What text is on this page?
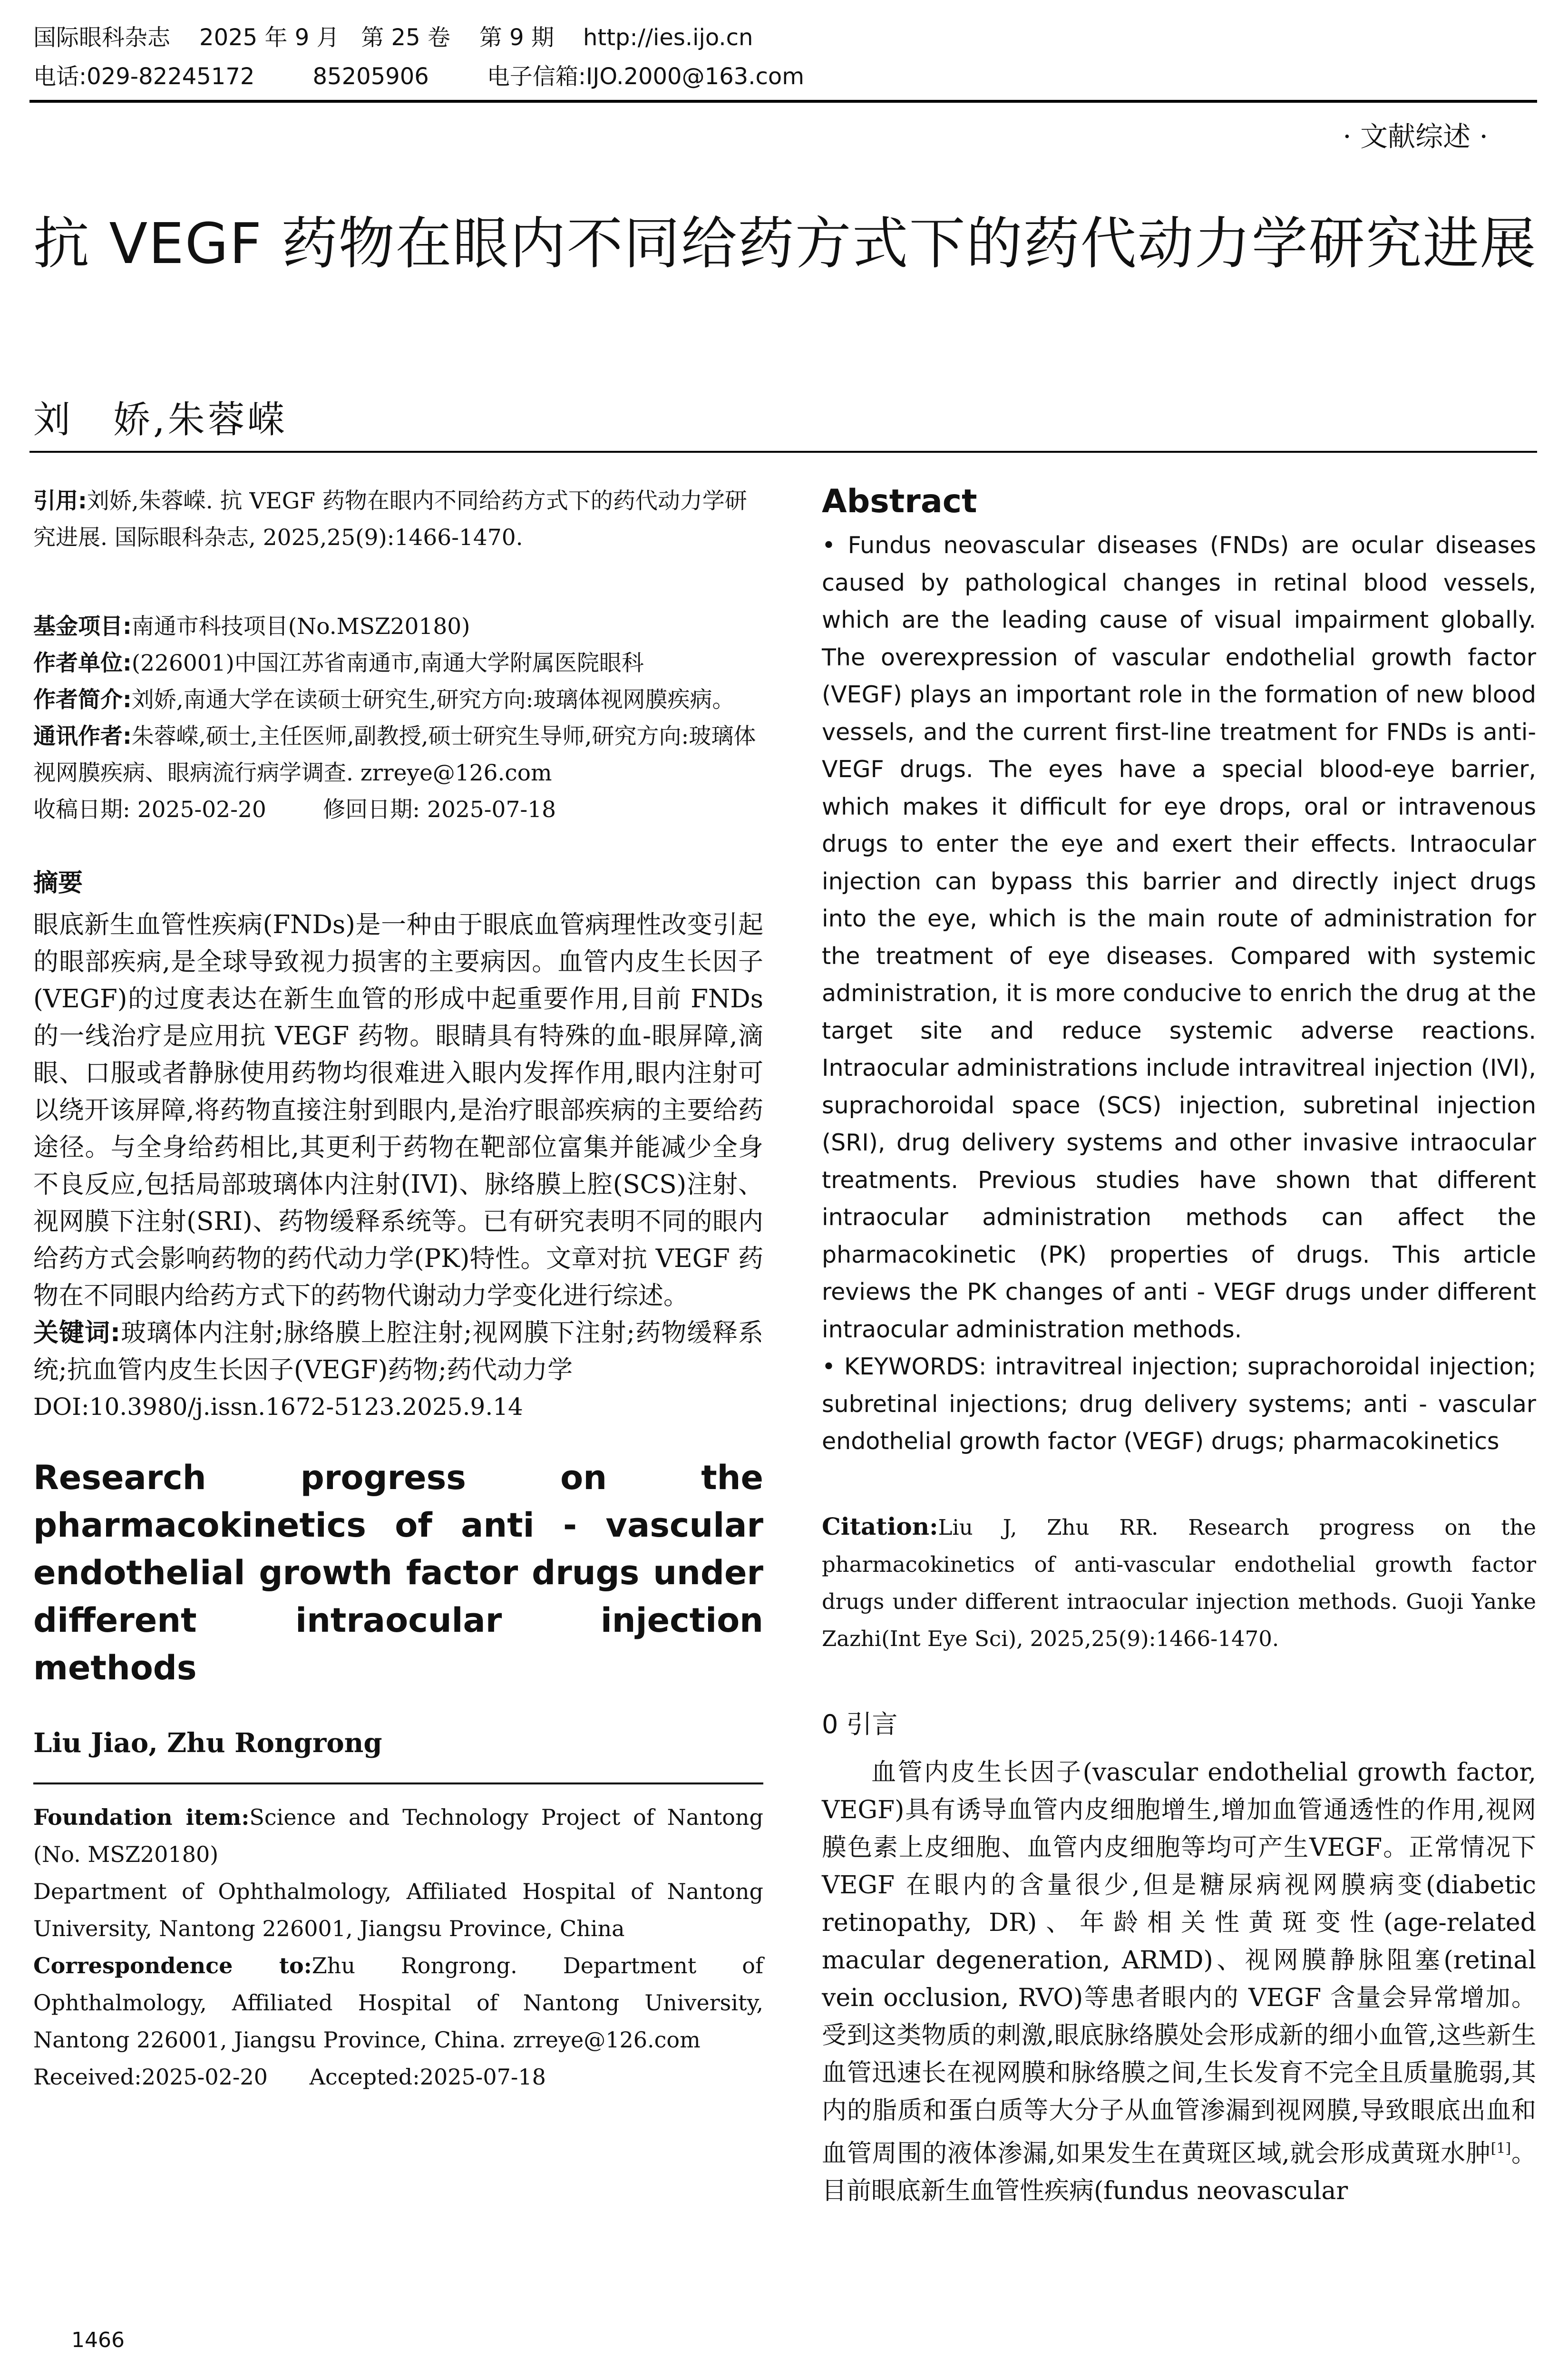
国际眼科杂志    2025 年 9 月   第 25 卷    第 9 期    http://ies.ijo.cn
电话:029-82245172        85205906        电子信箱:IJO.2000@163.com
· 文献综述 ·
抗 VEGF 药物在眼内不同给药方式下的药代动力学研究进展
刘　娇,朱蓉嵘

引用:刘娇,朱蓉嵘. 抗 VEGF 药物在眼内不同给药方式下的药代动力学研究进展. 国际眼科杂志, 2025,25(9):1466-1470.

基金项目:南通市科技项目(No.MSZ20180)

作者单位:(226001)中国江苏省南通市,南通大学附属医院眼科

作者简介:刘娇,南通大学在读硕士研究生,研究方向:玻璃体视网膜疾病。

通讯作者:朱蓉嵘,硕士,主任医师,副教授,硕士研究生导师,研究方向:玻璃体视网膜疾病、眼病流行病学调查. zrreye@126.com

收稿日期: 2025-02-20        修回日期: 2025-07-18

摘要

眼底新生血管性疾病(FNDs)是一种由于眼底血管病理性改变引起的眼部疾病,是全球导致视力损害的主要病因。血管内皮生长因子(VEGF)的过度表达在新生血管的形成中起重要作用,目前 FNDs 的一线治疗是应用抗 VEGF 药物。眼睛具有特殊的血-眼屏障,滴眼、口服或者静脉使用药物均很难进入眼内发挥作用,眼内注射可以绕开该屏障,将药物直接注射到眼内,是治疗眼部疾病的主要给药途径。与全身给药相比,其更利于药物在靶部位富集并能减少全身不良反应,包括局部玻璃体内注射(IVI)、脉络膜上腔(SCS)注射、视网膜下注射(SRI)、药物缓释系统等。已有研究表明不同的眼内给药方式会影响药物的药代动力学(PK)特性。文章对抗 VEGF 药物在不同眼内给药方式下的药物代谢动力学变化进行综述。

关键词:玻璃体内注射;脉络膜上腔注射;视网膜下注射;药物缓释系统;抗血管内皮生长因子(VEGF)药物;药代动力学

DOI:10.3980/j.issn.1672-5123.2025.9.14

Research progress on the pharmacokinetics of anti - vascular endothelial growth factor drugs under different intraocular injection methods
Liu Jiao, Zhu Rongrong

Foundation item:Science and Technology Project of Nantong (No. MSZ20180)

Department of Ophthalmology, Affiliated Hospital of Nantong University, Nantong 226001, Jiangsu Province, China

Correspondence to:Zhu Rongrong. Department of Ophthalmology, Affiliated Hospital of Nantong University, Nantong 226001, Jiangsu Province, China. zrreye@126.com

Received:2025-02-20      Accepted:2025-07-18

Abstract

• Fundus neovascular diseases (FNDs) are ocular diseases caused by pathological changes in retinal blood vessels, which are the leading cause of visual impairment globally. The overexpression of vascular endothelial growth factor (VEGF) plays an important role in the formation of new blood vessels, and the current first-line treatment for FNDs is anti-VEGF drugs. The eyes have a special blood-eye barrier, which makes it difficult for eye drops, oral or intravenous drugs to enter the eye and exert their effects. Intraocular injection can bypass this barrier and directly inject drugs into the eye, which is the main route of administration for the treatment of eye diseases. Compared with systemic administration, it is more conducive to enrich the drug at the target site and reduce systemic adverse reactions. Intraocular administrations include intravitreal injection (IVI), suprachoroidal space (SCS) injection, subretinal injection (SRI), drug delivery systems and other invasive intraocular treatments. Previous studies have shown that different intraocular administration methods can affect the pharmacokinetic (PK) properties of drugs. This article reviews the PK changes of anti - VEGF drugs under different intraocular administration methods.

• KEYWORDS: intravitreal injection; suprachoroidal injection; subretinal injections; drug delivery systems; anti - vascular endothelial growth factor (VEGF) drugs; pharmacokinetics

Citation:Liu J, Zhu RR. Research progress on the pharmacokinetics of anti-vascular endothelial growth factor drugs under different intraocular injection methods. Guoji Yanke Zazhi(Int Eye Sci), 2025,25(9):1466-1470.

0 引言

血管内皮生长因子(vascular endothelial growth factor, VEGF)具有诱导血管内皮细胞增生,增加血管通透性的作用,视网膜色素上皮细胞、血管内皮细胞等均可产生VEGF。正常情况下 VEGF 在眼内的含量很少,但是糖尿病视网膜病变(diabetic retinopathy, DR)、年龄相关性黄斑变性(age-related macular degeneration, ARMD)、视网膜静脉阻塞(retinal vein occlusion, RVO)等患者眼内的 VEGF 含量会异常增加。受到这类物质的刺激,眼底脉络膜处会形成新的细小血管,这些新生血管迅速长在视网膜和脉络膜之间,生长发育不完全且质量脆弱,其内的脂质和蛋白质等大分子从血管渗漏到视网膜,导致眼底出血和血管周围的液体渗漏,如果发生在黄斑区域,就会形成黄斑水肿[1]。目前眼底新生血管性疾病(fundus neovascular

1466
